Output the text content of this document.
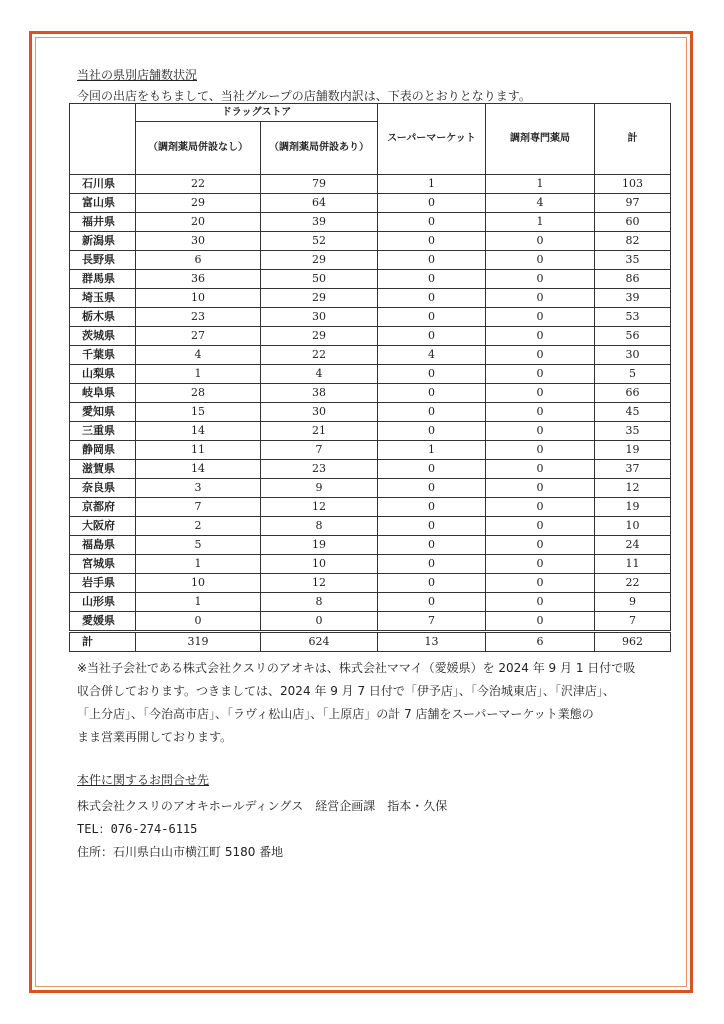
当社の県別店舗数状況
今回の出店をもちまして、当社グループの店舗数内訳は、下表のとおりとなります。
	ドラッグストア		スーパーマーケット	調剤専門薬局	計
	（調剤薬局併設なし）	（調剤薬局併設あり）			
石川県	22	79	1	1	103
富山県	29	64	0	4	97
福井県	20	39	0	1	60
新潟県	30	52	0	0	82
長野県	6	29	0	0	35
群馬県	36	50	0	0	86
埼玉県	10	29	0	0	39
栃木県	23	30	0	0	53
茨城県	27	29	0	0	56
千葉県	4	22	4	0	30
山梨県	1	4	0	0	5
岐阜県	28	38	0	0	66
愛知県	15	30	0	0	45
三重県	14	21	0	0	35
静岡県	11	7	1	0	19
滋賀県	14	23	0	0	37
奈良県	3	9	0	0	12
京都府	7	12	0	0	19
大阪府	2	8	0	0	10
福島県	5	19	0	0	24
宮城県	1	10	0	0	11
岩手県	10	12	0	0	22
山形県	1	8	0	0	9
愛媛県	0	0	7	0	7
計	319	624	13	6	962

※当社子会社である株式会社クスリのアオキは、株式会社ママイ（愛媛県）を 2024 年 9 月 1 日付で吸

収合併しております。つきましては、2024 年 9 月 7 日付で「伊予店」、「今治城東店」、「沢津店」、

「上分店」、「今治高市店」、「ラヴィ松山店」、「上原店」の計 7 店舗をスーパーマーケット業態の

まま営業再開しております。

本件に関するお問合せ先
株式会社クスリのアオキホールディングス　経営企画課　指本・久保
TEL：076-274-6115
住所：石川県白山市横江町 5180 番地
